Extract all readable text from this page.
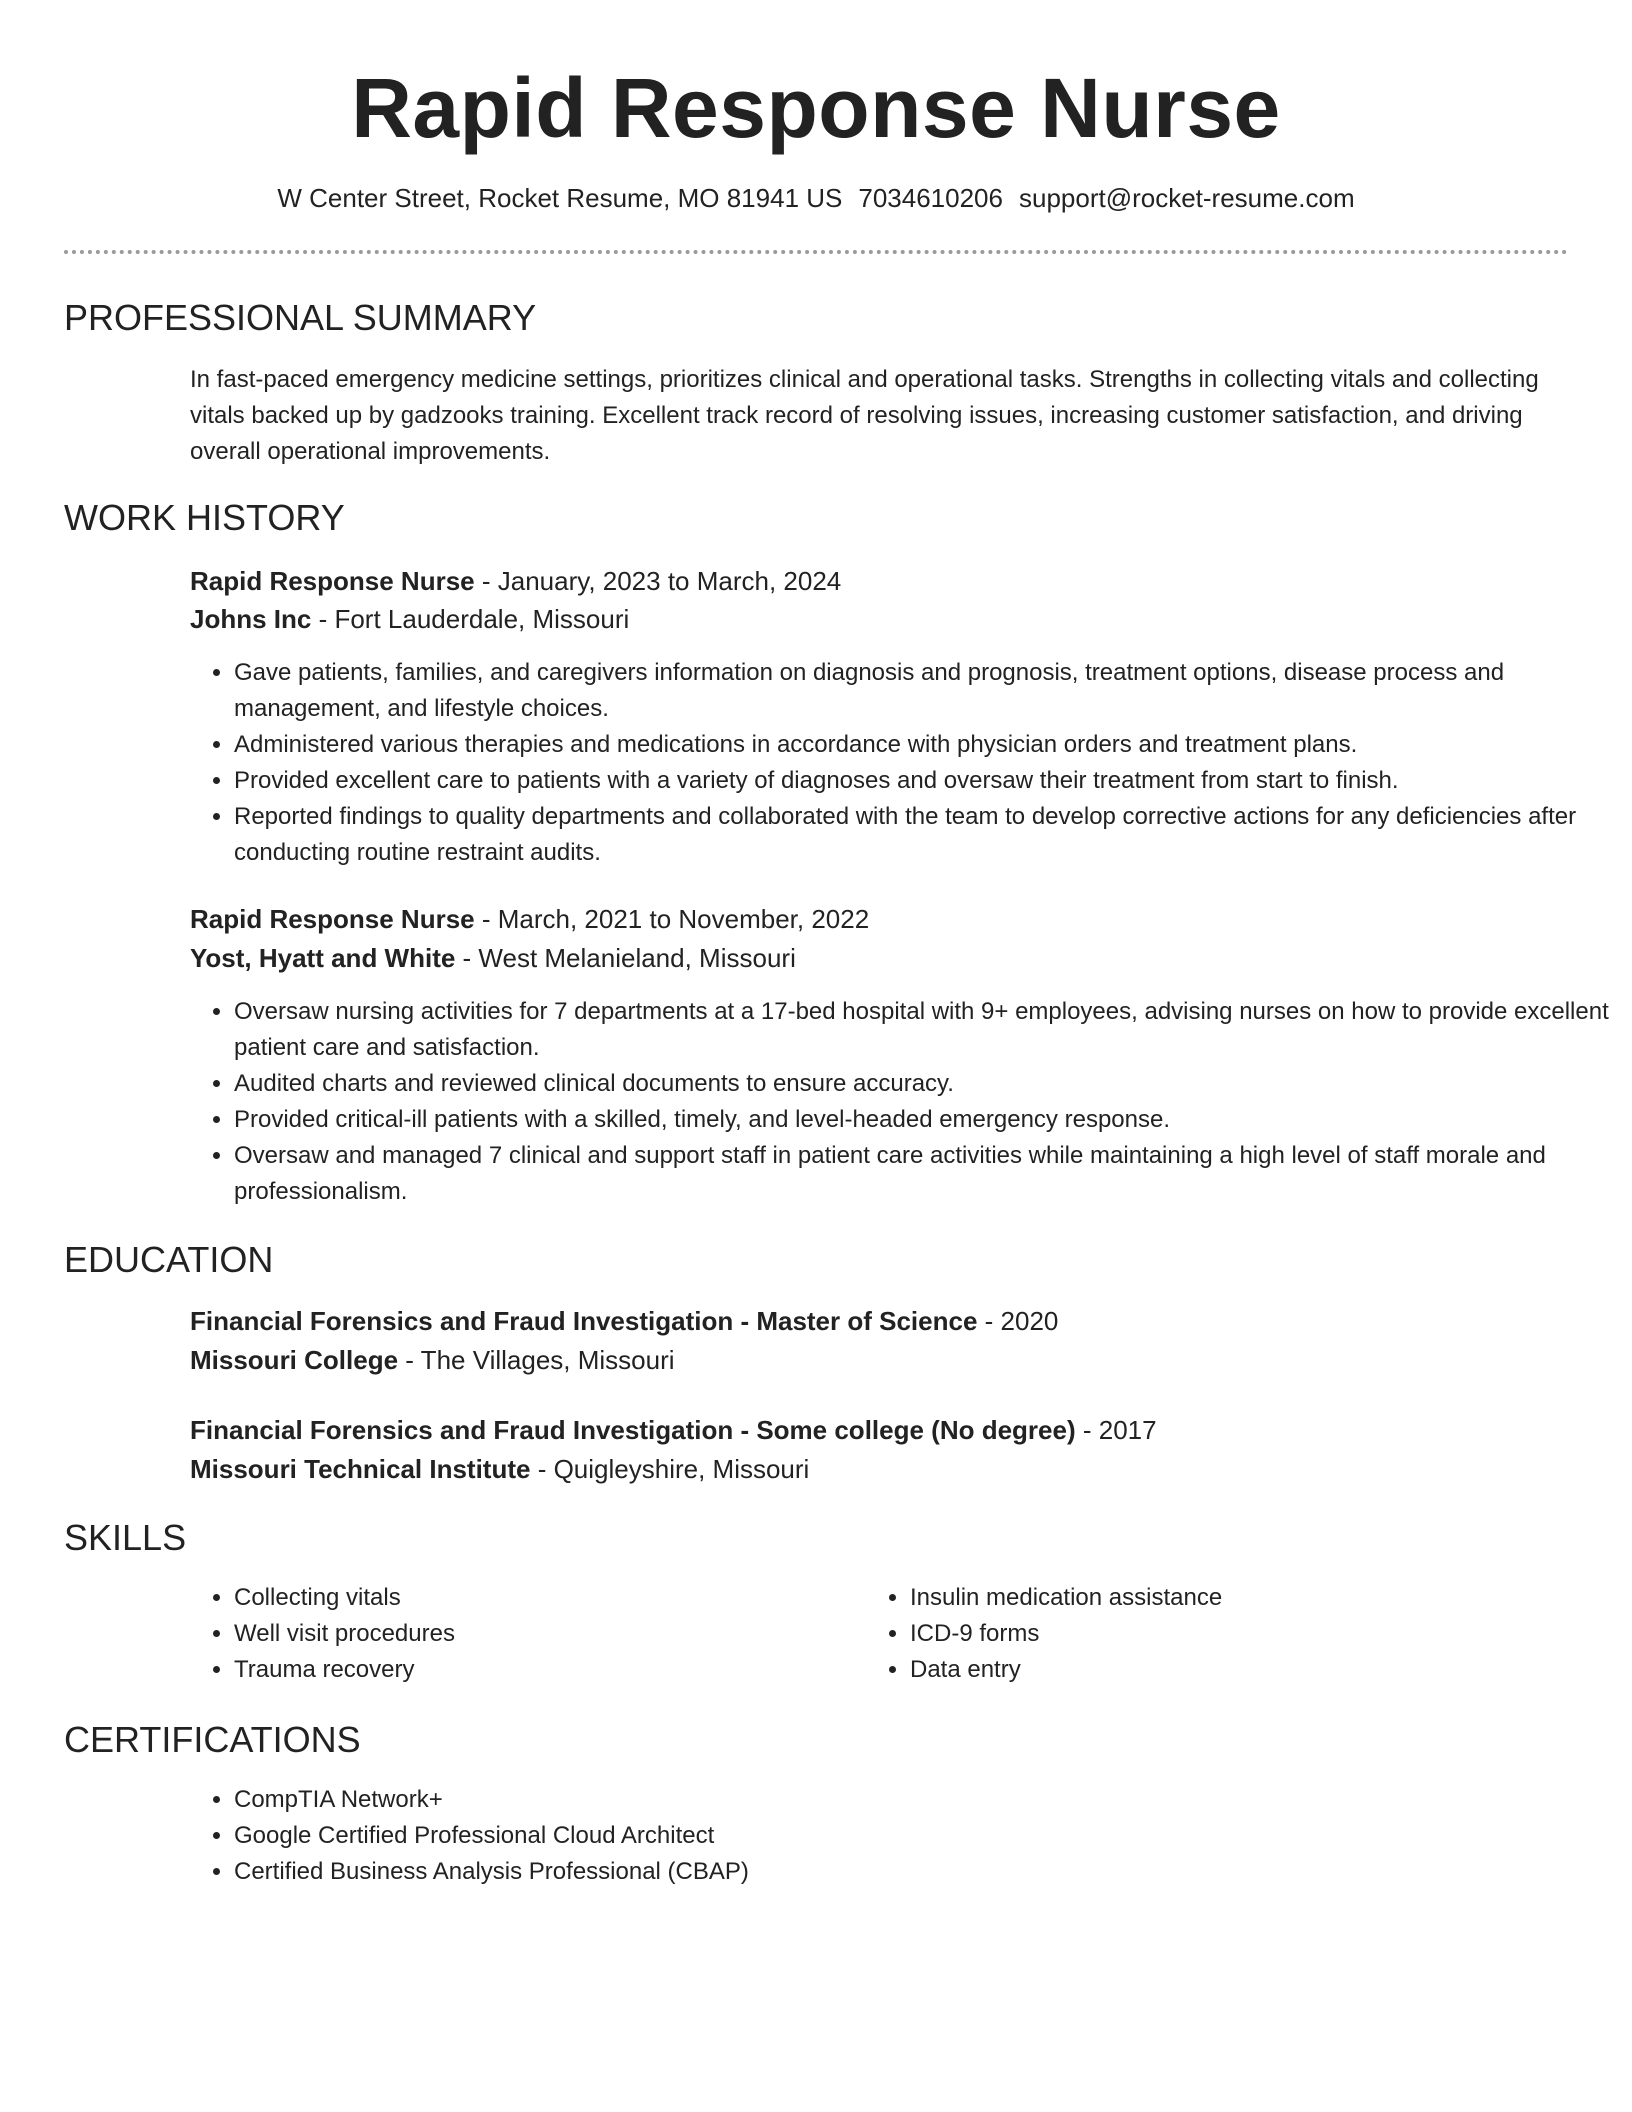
Rapid Response Nurse
W Center Street, Rocket Resume, MO 81941 US 7034610206 support@rocket-resume.com
PROFESSIONAL SUMMARY
In fast-paced emergency medicine settings, prioritizes clinical and operational tasks. Strengths in collecting vitals and collecting vitals backed up by gadzooks training. Excellent track record of resolving issues, increasing customer satisfaction, and driving overall operational improvements.
WORK HISTORY
Rapid Response Nurse - January, 2023 to March, 2024
Johns Inc - Fort Lauderdale, Missouri
• Gave patients, families, and caregivers information on diagnosis and prognosis, treatment options, disease process and management, and lifestyle choices.
• Administered various therapies and medications in accordance with physician orders and treatment plans.
• Provided excellent care to patients with a variety of diagnoses and oversaw their treatment from start to finish.
• Reported findings to quality departments and collaborated with the team to develop corrective actions for any deficiencies after conducting routine restraint audits.
Rapid Response Nurse - March, 2021 to November, 2022
Yost, Hyatt and White - West Melanieland, Missouri
• Oversaw nursing activities for 7 departments at a 17-bed hospital with 9+ employees, advising nurses on how to provide excellent patient care and satisfaction.
• Audited charts and reviewed clinical documents to ensure accuracy.
• Provided critical-ill patients with a skilled, timely, and level-headed emergency response.
• Oversaw and managed 7 clinical and support staff in patient care activities while maintaining a high level of staff morale and professionalism.
EDUCATION
Financial Forensics and Fraud Investigation - Master of Science - 2020
Missouri College - The Villages, Missouri
Financial Forensics and Fraud Investigation - Some college (No degree) - 2017
Missouri Technical Institute - Quigleyshire, Missouri
SKILLS
• Collecting vitals
• Well visit procedures
• Trauma recovery
• Insulin medication assistance
• ICD-9 forms
• Data entry
CERTIFICATIONS
• CompTIA Network+
• Google Certified Professional Cloud Architect
• Certified Business Analysis Professional (CBAP)
